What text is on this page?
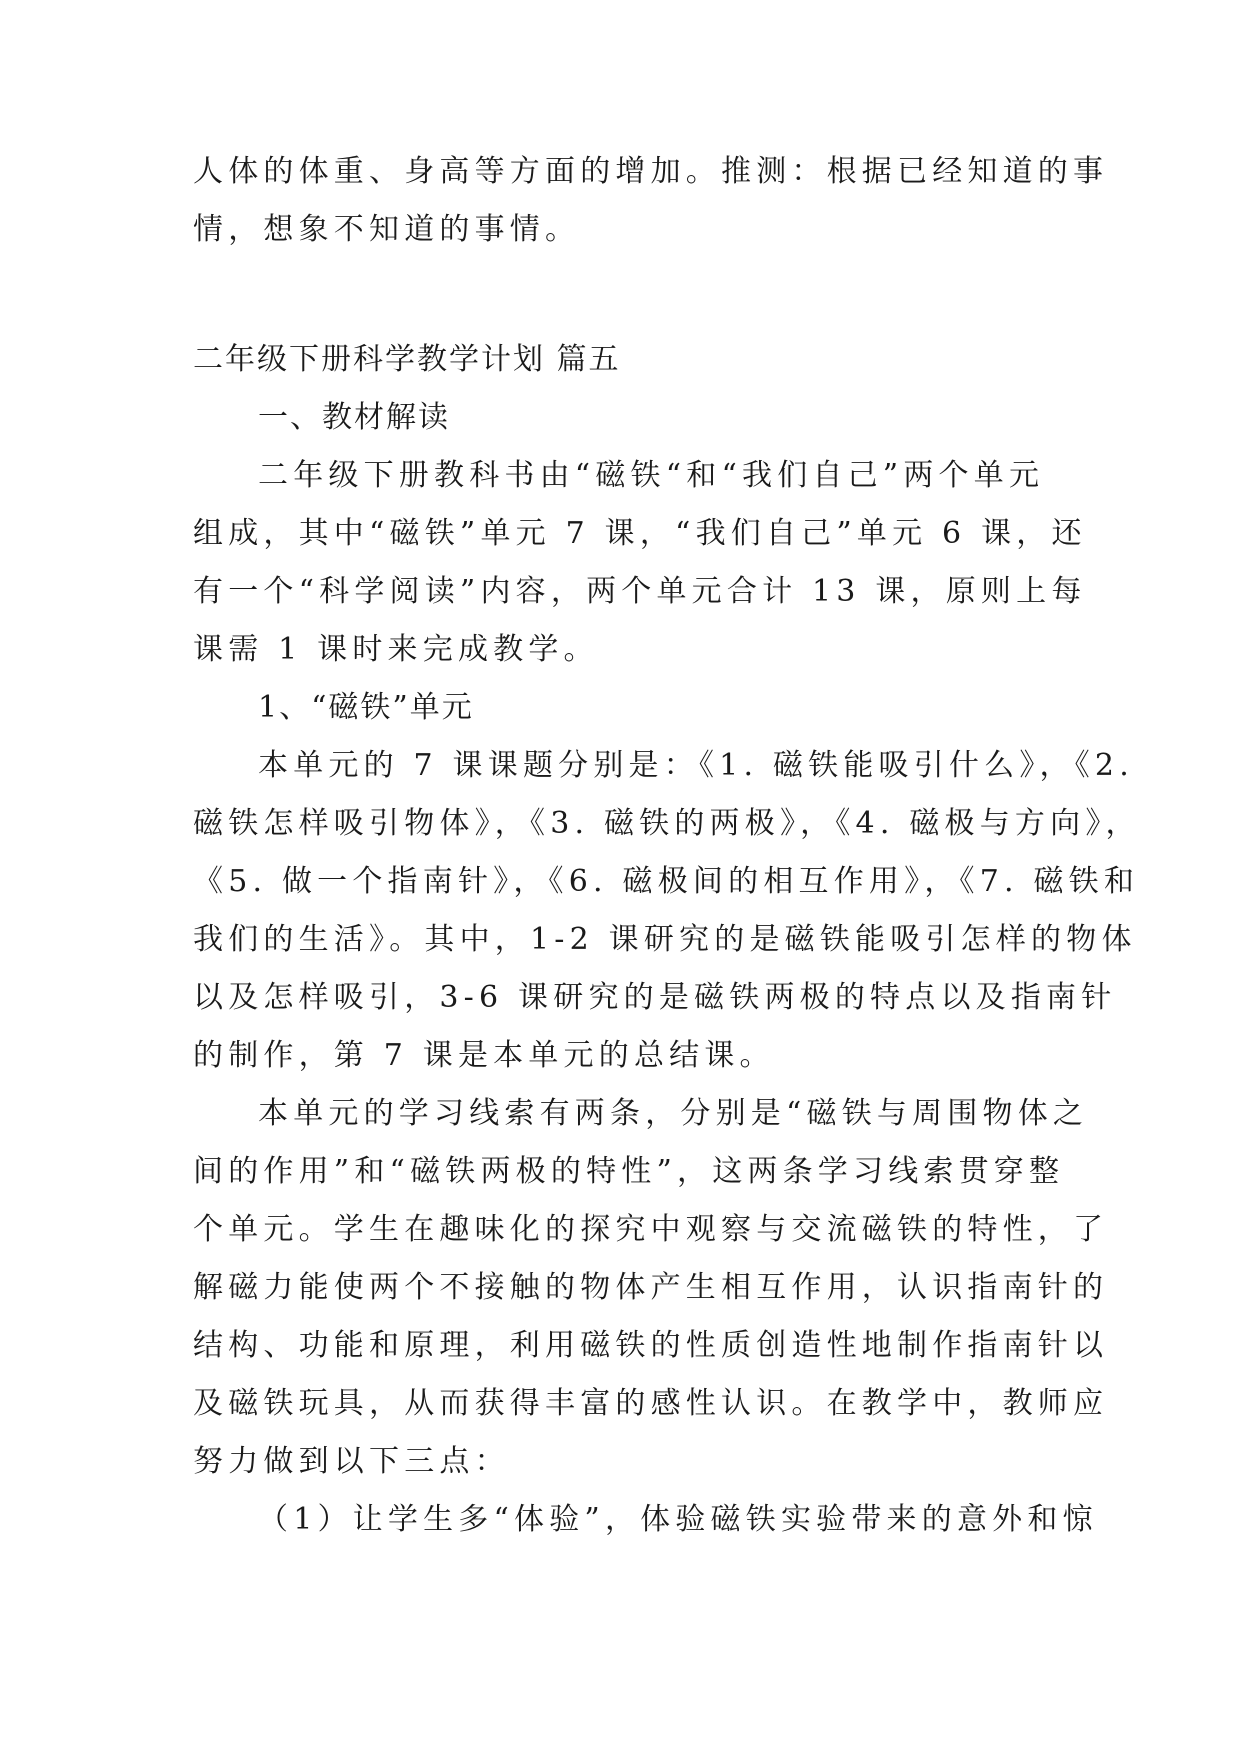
人体的体重、身高等方面的增加。推测：根据已经知道的事
情，想象不知道的事情。
二年级下册科学教学计划 篇五
一、教材解读
二年级下册教科书由“磁铁“和“我们自己”两个单元
组成，其中“磁铁”单元 7 课，“我们自己”单元 6 课，还
有一个“科学阅读”内容，两个单元合计 13 课，原则上每
课需 1 课时来完成教学。
1、“磁铁”单元
本单元的 7 课课题分别是：《1. 磁铁能吸引什么》，《2.
磁铁怎样吸引物体》，《3. 磁铁的两极》，《4. 磁极与方向》，
《5. 做一个指南针》，《6. 磁极间的相互作用》，《7. 磁铁和
我们的生活》。其中，1-2 课研究的是磁铁能吸引怎样的物体
以及怎样吸引，3-6 课研究的是磁铁两极的特点以及指南针
的制作，第 7 课是本单元的总结课。
本单元的学习线索有两条，分别是“磁铁与周围物体之
间的作用”和“磁铁两极的特性”，这两条学习线索贯穿整
个单元。学生在趣味化的探究中观察与交流磁铁的特性，了
解磁力能使两个不接触的物体产生相互作用，认识指南针的
结构、功能和原理，利用磁铁的性质创造性地制作指南针以
及磁铁玩具，从而获得丰富的感性认识。在教学中，教师应
努力做到以下三点：
（1）让学生多“体验”，体验磁铁实验带来的意外和惊
